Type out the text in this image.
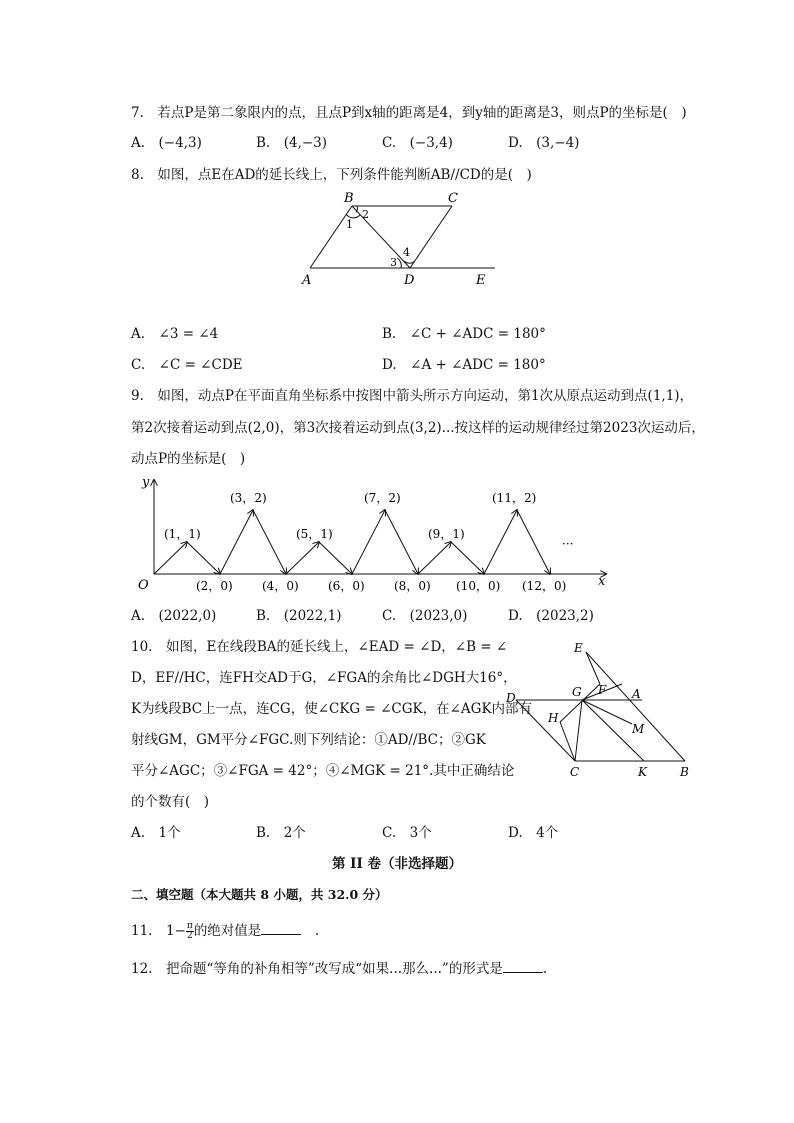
7. 若点P是第二象限内的点，且点P到x轴的距离是4，到y轴的距离是3，则点P的坐标是( )
A. (−4,3)	B. (4,−3)	C. (−3,4)	D. (3,−4)
8. 如图，点E在AD的延长线上，下列条件能判断AB//CD的是( )
B	C
A	D	E
1
2
3
4
A. ∠3 = ∠4	B. ∠C + ∠ADC = 180°
C. ∠C = ∠CDE	D. ∠A + ∠ADC = 180°
9. 如图，动点P在平面直角坐标系中按图中箭头所示方向运动，第1次从原点运动到点(1,1)，
第2次接着运动到点(2,0)，第3次接着运动到点(3,2)...按这样的运动规律经过第2023次运动后，
动点P的坐标是( )
y
x
O
···
(1，1)
(3，2)
(5，1)
(7，2)
(9，1)
(11，2)
(2，0) (4，0) (6，0) (8，0) (10，0) (12，0)
A. (2022,0)	B. (2022,1)	C. (2023,0)	D. (2023,2)
10. 如图，E在线段BA的延长线上，∠EAD = ∠D，∠B = ∠
D，EF//HC，连FH交AD于G，∠FGA的余角比∠DGH大16°，
K为线段BC上一点，连CG，使∠CKG = ∠CGK，在∠AGK内部有
射线GM，GM平分∠FGC.则下列结论：①AD//BC；②GK
平分∠AGC；③∠FGA = 42°；④∠MGK = 21°.其中正确结论
的个数有( )
E
D	G F A
H
M
C	K	B
A. 1个	B. 2个	C. 3个	D. 4个
第 II 卷（非选择题）
二、填空题（本大题共 8 小题，共 32.0 分）
11. $1- \frac{\pi}{2}$ 的绝对值是	 .
12. 把命题“等角的补角相等”改写成“如果...那么...”的形式是	.
